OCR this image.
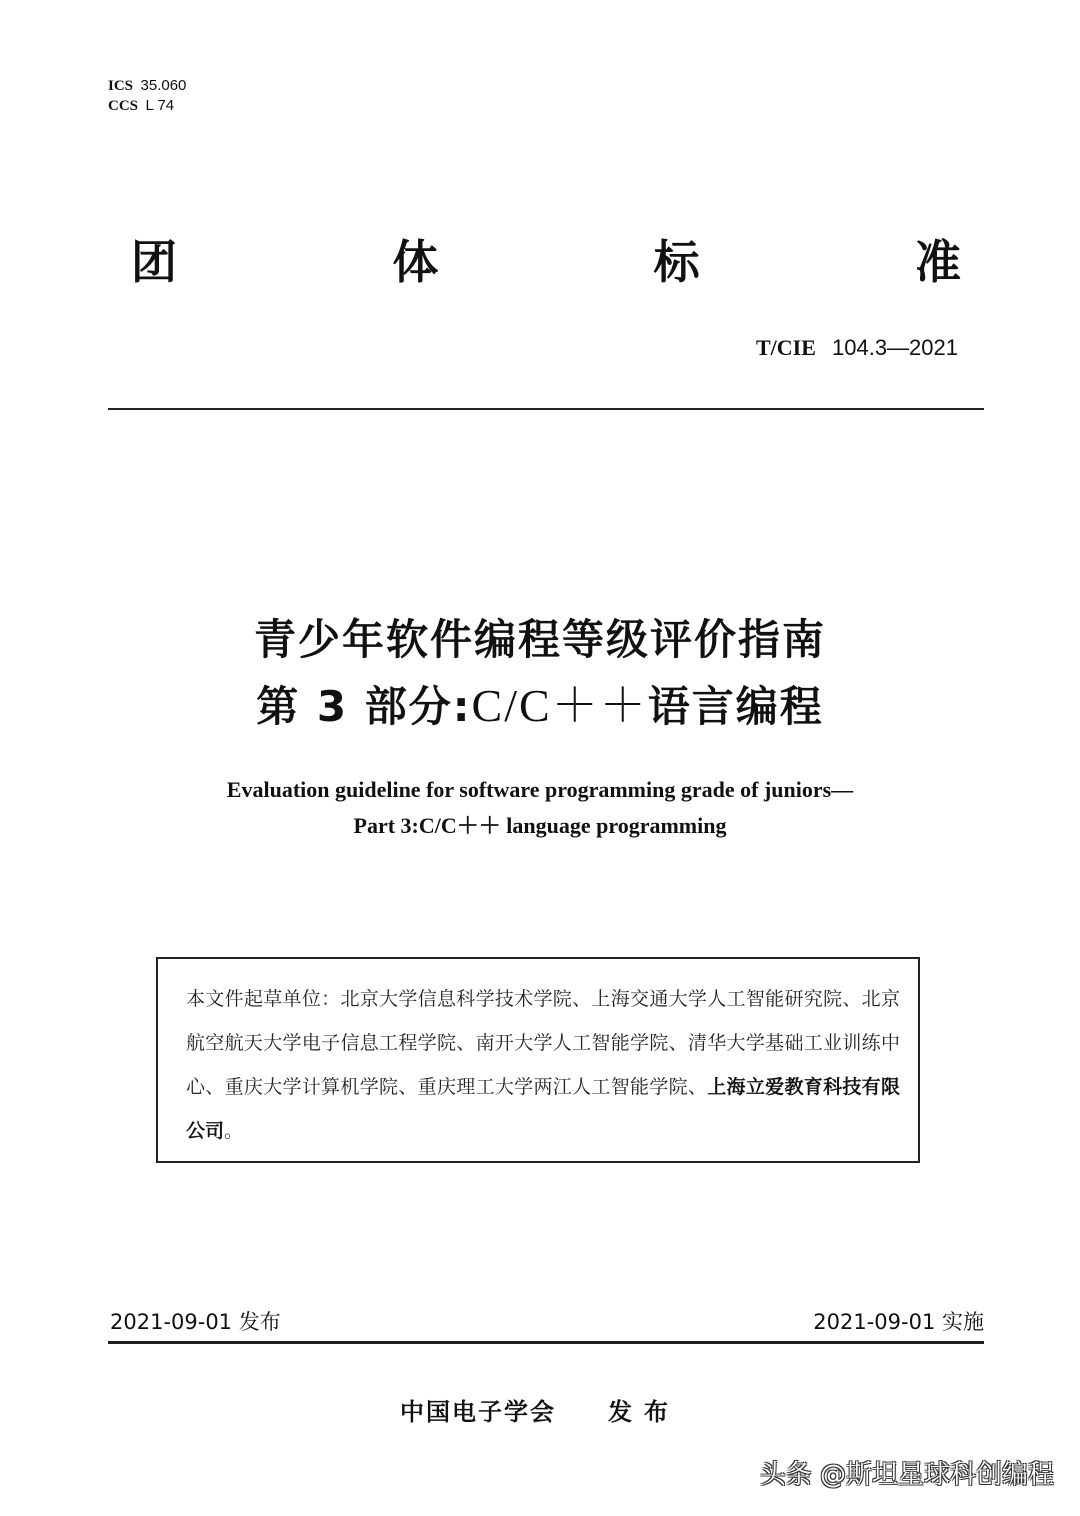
ICS 35.060
CCS L 74
团	体	标	准
T/CIE 104.3—2021
青少年软件编程等级评价指南
第 3 部分:C/C＋＋语言编程
Evaluation guideline for software programming grade of juniors—
Part 3:C/C＋＋ language programming
本文件起草单位：北京大学信息科学技术学院、上海交通大学人工智能研究院、北京航空航天大学电子信息工程学院、南开大学人工智能学院、清华大学基础工业训练中心、重庆大学计算机学院、重庆理工大学两江人工智能学院、上海立爱教育科技有限公司。
2021-09-01 发布	2021-09-01 实施
中国电子学会 发布
头条 @斯坦星球科创编程
